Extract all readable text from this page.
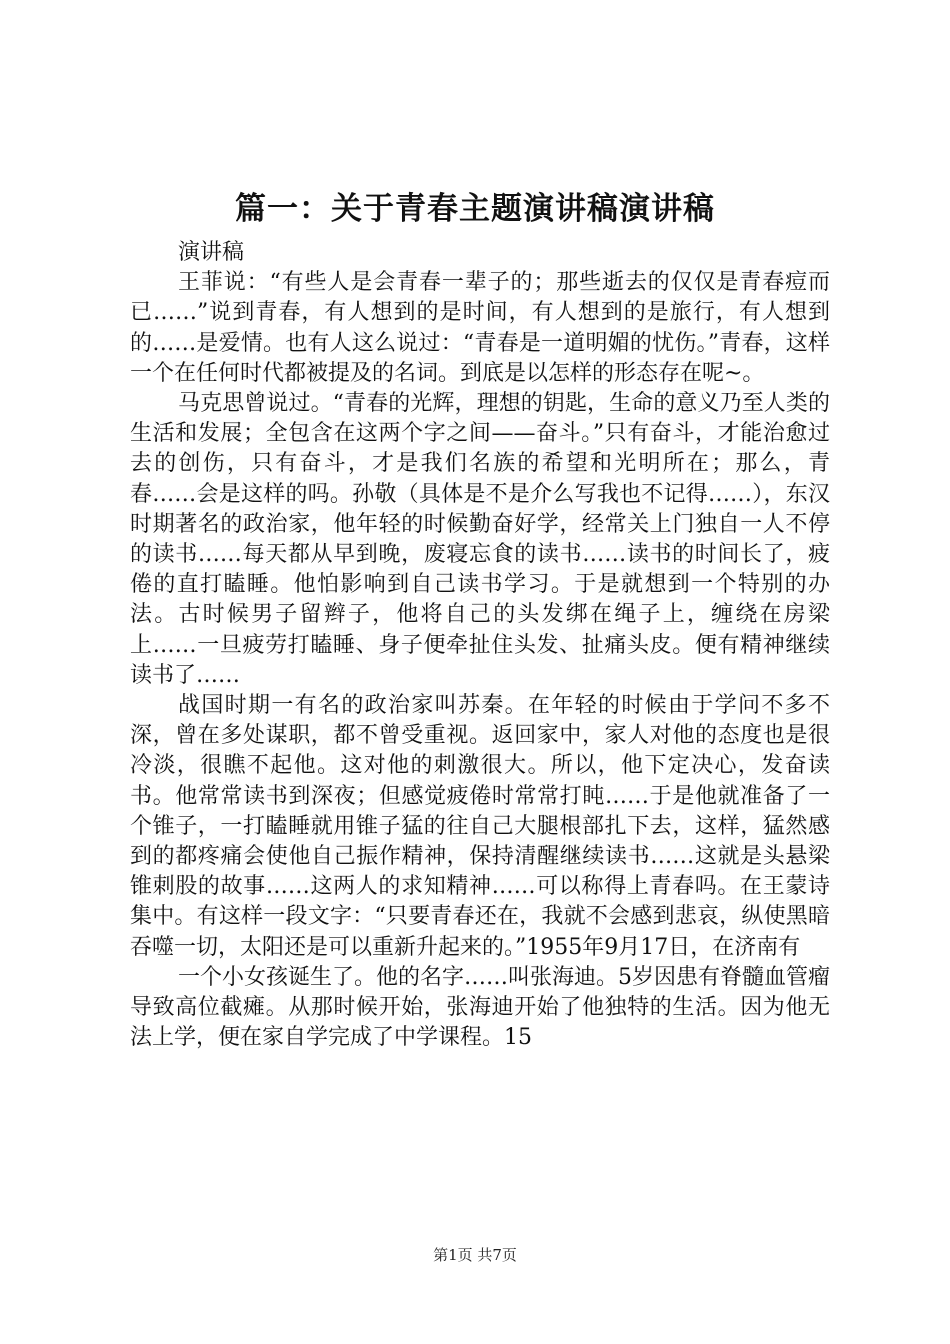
篇一：关于青春主题演讲稿演讲稿

演讲稿

王菲说：“有些人是会青春一辈子的；那些逝去的仅仅是青春痘而已……”说到青春，有人想到的是时间，有人想到的是旅行，有人想到的……是爱情。也有人这么说过：“青春是一道明媚的忧伤。”青春，这样一个在任何时代都被提及的名词。到底是以怎样的形态存在呢~。

马克思曾说过。“青春的光辉，理想的钥匙，生命的意义乃至人类的生活和发展；全包含在这两个字之间——奋斗。”只有奋斗，才能治愈过去的创伤，只有奋斗，才是我们名族的希望和光明所在；那么，青春……会是这样的吗。孙敬（具体是不是介么写我也不记得……），东汉时期著名的政治家，他年轻的时候勤奋好学，经常关上门独自一人不停的读书……每天都从早到晚，废寝忘食的读书……读书的时间长了，疲倦的直打瞌睡。他怕影响到自己读书学习。于是就想到一个特别的办法。古时候男子留辫子，他将自己的头发绑在绳子上，缠绕在房梁上……一旦疲劳打瞌睡、身子便牵扯住头发、扯痛头皮。便有精神继续读书了……

战国时期一有名的政治家叫苏秦。在年轻的时候由于学问不多不深，曾在多处谋职，都不曾受重视。返回家中，家人对他的态度也是很冷淡，很瞧不起他。这对他的刺激很大。所以，他下定决心，发奋读书。他常常读书到深夜；但感觉疲倦时常常打盹……于是他就准备了一个锥子，一打瞌睡就用锥子猛的往自己大腿根部扎下去，这样，猛然感到的都疼痛会使他自己振作精神，保持清醒继续读书……这就是头悬梁锥刺股的故事……这两人的求知精神……可以称得上青春吗。在王蒙诗集中。有这样一段文字：“只要青春还在，我就不会感到悲哀，纵使黑暗吞噬一切，太阳还是可以重新升起来的。”1955年9月17日，在济南有

一个小女孩诞生了。他的名字……叫张海迪。5岁因患有脊髓血管瘤导致高位截瘫。从那时候开始，张海迪开始了他独特的生活。因为他无法上学，便在家自学完成了中学课程。15

第1页 共7页
